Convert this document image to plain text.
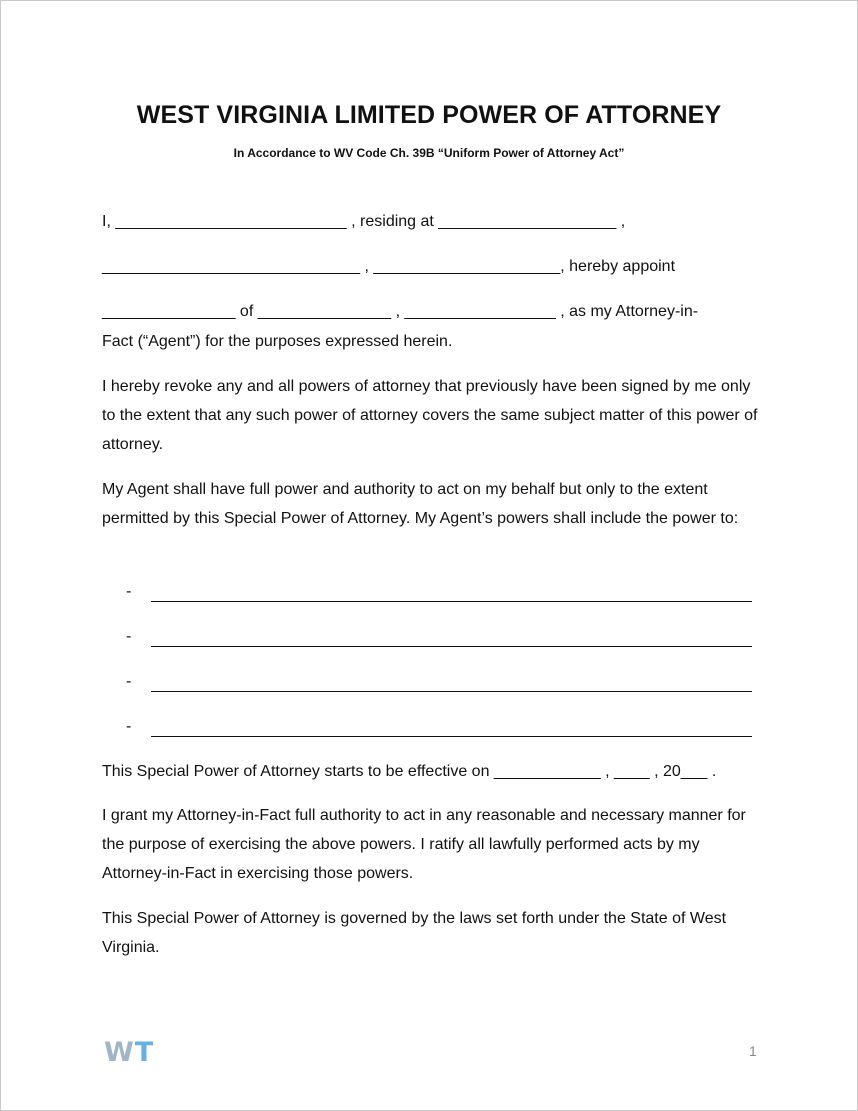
WEST VIRGINIA LIMITED POWER OF ATTORNEY
In Accordance to WV Code Ch. 39B “Uniform Power of Attorney Act”
I, __________________________ , residing at ____________________ ,
_____________________________ , _____________________, hereby appoint
_______________ of _______________ , _________________ , as my Attorney-in-

Fact (“Agent”) for the purposes expressed herein.

I hereby revoke any and all powers of attorney that previously have been signed by me only to the extent that any such power of attorney covers the same subject matter of this power of attorney.

My Agent shall have full power and authority to act on my behalf but only to the extent permitted by this Special Power of Attorney. My Agent’s powers shall include the power to:

-
-
-
-
This Special Power of Attorney starts to be effective on ____________ , ____ , 20___ .

I grant my Attorney-in-Fact full authority to act in any reasonable and necessary manner for the purpose of exercising the above powers. I ratify all lawfully performed acts by my Attorney-in-Fact in exercising those powers.

This Special Power of Attorney is governed by the laws set forth under the State of West Virginia.

WT	1
